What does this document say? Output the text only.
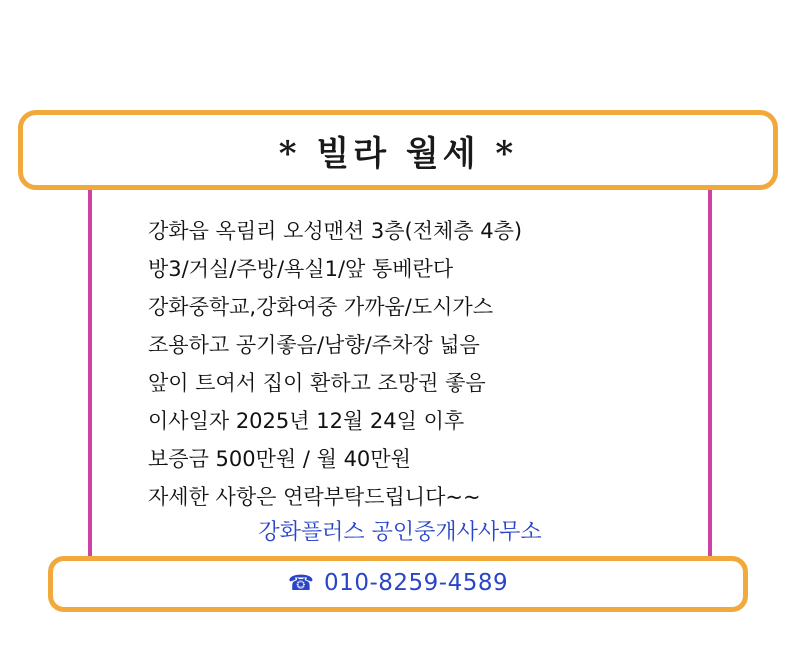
* 빌라 월세 *
강화읍 옥림리 오성맨션 3층(전체층 4층)
방3/거실/주방/욕실1/앞 통베란다
강화중학교,강화여중 가까움/도시가스
조용하고 공기좋음/남향/주차장 넓음
앞이 트여서 집이 환하고 조망권 좋음
이사일자 2025년 12월 24일 이후
보증금 500만원 / 월 40만원
자세한 사항은 연락부탁드립니다~~
강화플러스 공인중개사사무소
☎ 010-8259-4589
